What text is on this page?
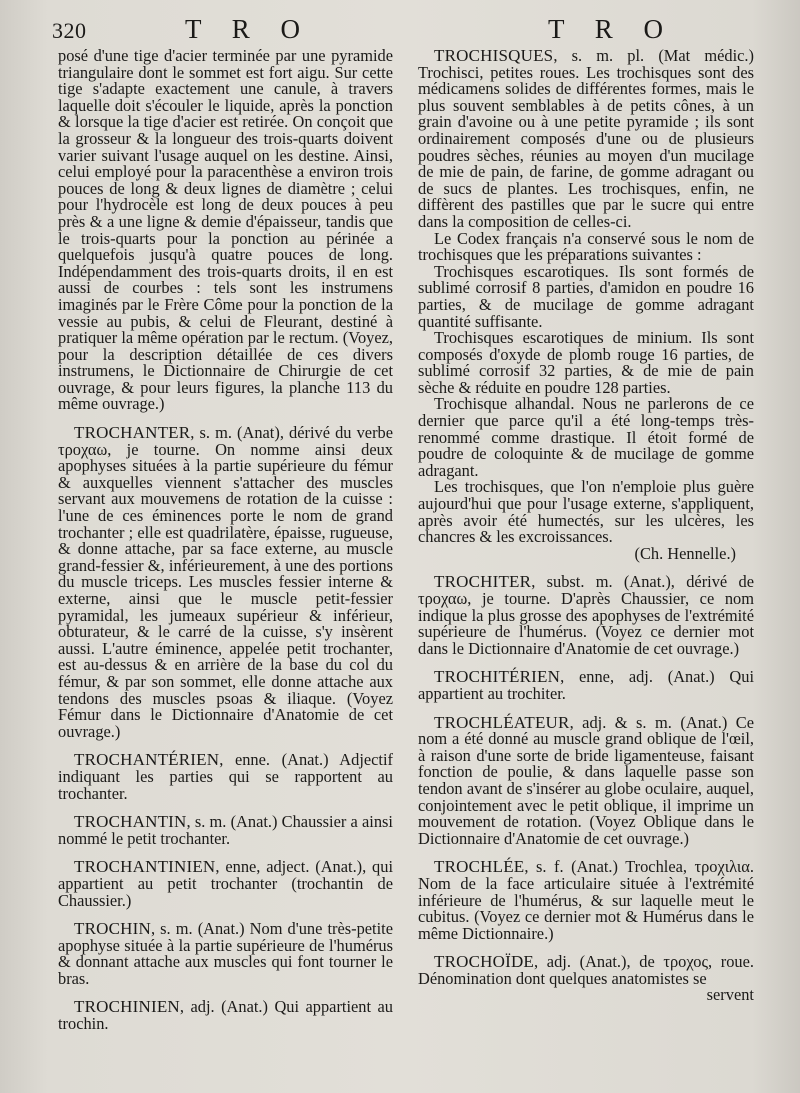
320	T R O	T R O

posé d'une tige d'acier terminée par une pyramide triangulaire dont le sommet est fort aigu. Sur cette tige s'adapte exactement une canule, à travers laquelle doit s'écouler le liquide, après la ponction & lorsque la tige d'acier est retirée. On conçoit que la grosseur & la longueur des trois-quarts doivent varier suivant l'usage auquel on les destine. Ainsi, celui employé pour la paracenthèse a environ trois pouces de long & deux lignes de diamètre ; celui pour l'hydrocèle est long de deux pouces à peu près & a une ligne & demie d'épaisseur, tandis que le trois-quarts pour la ponction au périnée a quelquefois jusqu'à quatre pouces de long. Indépendamment des trois-quarts droits, il en est aussi de courbes : tels sont les instrumens imaginés par le Frère Côme pour la ponction de la vessie au pubis, & celui de Fleurant, destiné à pratiquer la même opération par le rectum. (Voyez, pour la description détaillée de ces divers instrumens, le Dictionnaire de Chirurgie de cet ouvrage, & pour leurs figures, la planche 113 du même ouvrage.)

TROCHANTER, s. m. (Anat), dérivé du verbe τροχαω, je tourne. On nomme ainsi deux apophyses situées à la partie supérieure du fémur & auxquelles viennent s'attacher des muscles servant aux mouvemens de rotation de la cuisse : l'une de ces éminences porte le nom de grand trochanter ; elle est quadrilatère, épaisse, rugueuse, & donne attache, par sa face externe, au muscle grand-fessier &, inférieurement, à une des portions du muscle triceps. Les muscles fessier interne & externe, ainsi que le muscle petit-fessier pyramidal, les jumeaux supérieur & inférieur, obturateur, & le carré de la cuisse, s'y insèrent aussi. L'autre éminence, appelée petit trochanter, est au-dessus & en arrière de la base du col du fémur, & par son sommet, elle donne attache aux tendons des muscles psoas & iliaque. (Voyez Fémur dans le Dictionnaire d'Anatomie de cet ouvrage.)

TROCHANTÉRIEN, enne. (Anat.) Adjectif indiquant les parties qui se rapportent au trochanter.

TROCHANTIN, s. m. (Anat.) Chaussier a ainsi nommé le petit trochanter.

TROCHANTINIEN, enne, adject. (Anat.), qui appartient au petit trochanter (trochantin de Chaussier.)

TROCHIN, s. m. (Anat.) Nom d'une très-petite apophyse située à la partie supérieure de l'humérus & donnant attache aux muscles qui font tourner le bras.

TROCHINIEN, adj. (Anat.) Qui appartient au trochin.

TROCHISQUES, s. m. pl. (Mat médic.) Trochisci, petites roues. Les trochisques sont des médicamens solides de différentes formes, mais le plus souvent semblables à de petits cônes, à un grain d'avoine ou à une petite pyramide ; ils sont ordinairement composés d'une ou de plusieurs poudres sèches, réunies au moyen d'un mucilage de mie de pain, de farine, de gomme adragant ou de sucs de plantes. Les trochisques, enfin, ne diffèrent des pastilles que par le sucre qui entre dans la composition de celles-ci.

Le Codex français n'a conservé sous le nom de trochisques que les préparations suivantes :

Trochisques escarotiques. Ils sont formés de sublimé corrosif 8 parties, d'amidon en poudre 16 parties, & de mucilage de gomme adragant quantité suffisante.

Trochisques escarotiques de minium. Ils sont composés d'oxyde de plomb rouge 16 parties, de sublimé corrosif 32 parties, & de mie de pain sèche & réduite en poudre 128 parties.

Trochisque alhandal. Nous ne parlerons de ce dernier que parce qu'il a été long-temps très-renommé comme drastique. Il étoit formé de poudre de coloquinte & de mucilage de gomme adragant.

Les trochisques, que l'on n'emploie plus guère aujourd'hui que pour l'usage externe, s'appliquent, après avoir été humectés, sur les ulcères, les chancres & les excroissances.

(Ch. Hennelle.)

TROCHITER, subst. m. (Anat.), dérivé de τροχαω, je tourne. D'après Chaussier, ce nom indique la plus grosse des apophyses de l'extrémité supérieure de l'humérus. (Voyez ce dernier mot dans le Dictionnaire d'Anatomie de cet ouvrage.)

TROCHITÉRIEN, enne, adj. (Anat.) Qui appartient au trochiter.

TROCHLÉATEUR, adj. & s. m. (Anat.) Ce nom a été donné au muscle grand oblique de l'œil, à raison d'une sorte de bride ligamenteuse, faisant fonction de poulie, & dans laquelle passe son tendon avant de s'insérer au globe oculaire, auquel, conjointement avec le petit oblique, il imprime un mouvement de rotation. (Voyez Oblique dans le Dictionnaire d'Anatomie de cet ouvrage.)

TROCHLÉE, s. f. (Anat.) Trochlea, τροχιλια. Nom de la face articulaire située à l'extrémité inférieure de l'humérus, & sur laquelle meut le cubitus. (Voyez ce dernier mot & Humérus dans le même Dictionnaire.)

TROCHOÏDE, adj. (Anat.), de τροχος, roue. Dénomination dont quelques anatomistes se

servent
